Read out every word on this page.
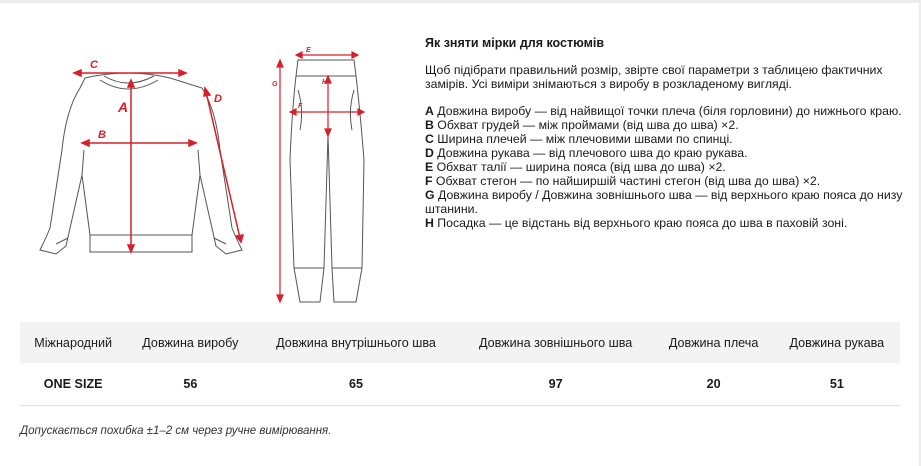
C
A
B
D
E
G	H
F
Як зняти мірки для костюмів

Щоб підібрати правильний розмір, звірте свої параметри з таблицею фактичних замірів. Усі виміри знімаються з виробу в розкладеному вигляді.

A Довжина виробу — від найвищої точки плеча (біля горловини) до нижнього краю.
B Обхват грудей — між проймами (від шва до шва) ×2.
C Ширина плечей — між плечовими швами по спинці.
D Довжина рукава — від плечового шва до краю рукава.
E Обхват талії — ширина пояса (від шва до шва) ×2.
F Обхват стегон — по найширшій частині стегон (від шва до шва) ×2.
G Довжина виробу / Довжина зовнішнього шва — від верхнього краю пояса до низу штанини.
H Посадка — це відстань від верхнього краю пояса до шва в паховій зоні.
Міжнародний	Довжина виробу	Довжина внутрішнього шва	Довжина зовнішнього шва	Довжина плеча	Довжина рукава
ONE SIZE	56	65	97	20	51
Допускається похибка ±1–2 см через ручне вимірювання.
